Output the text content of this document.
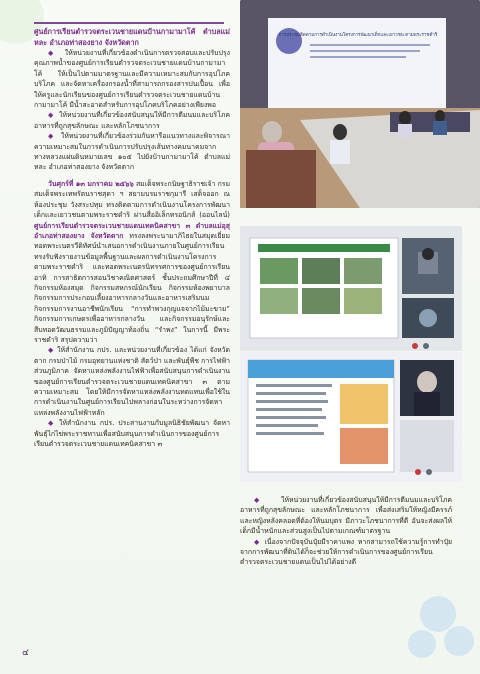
ศูนย์การเรียนตำรวจตระเวนชายแดนบ้านกามามาโค้ ตำบลแม่หละ อำเภอท่าสองยาง จังหวัดตาก

◆ ให้หน่วยงานที่เกี่ยวข้องดำเนินการตรวจสอบและปรับปรุงคุณภาพน้ำของศูนย์การเรียนตำรวจตระเวนชายแดนบ้านกามามาโค้ ให้เป็นไปตามมาตรฐานและมีความเหมาะสมกับการอุปโภคบริโภค และจัดหาเครื่องกรองน้ำที่สามารถกรองสารปนเปื้อน เพื่อให้ครูและนักเรียนของศูนย์การเรียนตำรวจตระเวนชายแดนบ้านกามามาโค้ มีน้ำสะอาดสำหรับการอุปโภคบริโภคอย่างเพียงพอ

◆ ให้หน่วยงานที่เกี่ยวข้องสนับสนุนให้มีการตีมนมและบริโภคอาหารที่ถูกสุขลักษณะ และหลักโภชนาการ

◆ ให้หน่วยงานที่เกี่ยวข้องร่วมกันหารือแนวทางและพิจารณาความเหมาะสมในการดำเนินการปรับปรุงเส้นทางคมนาคมจากทางหลวงแผ่นดินหมายเลข ๑๐๕ ไปยังบ้านกามามาโค้ ตำบลแม่หละ อำเภอท่าสองยาง จังหวัดตาก

วันศุกร์ที่ ๑๓ มกราคม ๒๕๖๖ สมเด็จพระกนิษฐาธิราชเจ้า กรมสมเด็จพระเทพรัตนราชสุดา ฯ สยามบรมราชกุมารี เสด็จออก ณ ห้องประชุม วังสระปทุม ทรงติดตามการดำเนินงานโครงการพัฒนาเด็กและเยาวชนตามพระราชดำริ ผ่านสื่ออิเล็กทรอนิกส์ (ออนไลน์) ศูนย์การเรียนตำรวจตระเวนชายแดนเทคนิคสาขา ๓ ตำบลแม่อุสุ อำเภอท่าสองยาง จังหวัดตาก ทรงลงพระนามาภิไธยในสมุดเยี่ยม ทอดพระเนตรวีดิทัศน์นำเสนอการดำเนินงานภายในศูนย์การเรียนทรงรับฟังรายงานข้อมูลพื้นฐานและผลการดำเนินงานโครงการตามพระราชดำริ และทอดพระเนตรนิทรรศการของศูนย์การเรียน อาทิ การสาธิตการสอนวิชาคณิตศาสตร์ ชั้นประถมศึกษาปีที่ ๔ กิจกรรมห้องสมุด กิจกรรมสหกรณ์นักเรียน กิจกรรมห้องพยาบาล กิจกรรมการประกอบเลี้ยงอาหารกลางวันและอาหารเสริมนม กิจกรรมการงานอาชีพนักเรียน “การทำพวงกุญแจจากไม้มะขาม” กิจกรรมการเกษตรเพื่ออาหารกลางวัน และกิจกรรมอนุรักษ์และสืบทอดวัฒนธรรมและภูมิปัญญาท้องถิ่น “รำพง” ในการนี้ มีพระราชดำริ สรุปความว่า

◆ ให้สำนักงาน กปร. และหน่วยงานที่เกี่ยวข้อง ได้แก่ จังหวัดตาก กรมป่าไม้ กรมอุทยานแห่งชาติ สัตว์ป่า และพันธุ์พืช การไฟฟ้าส่วนภูมิภาค จัดหาแหล่งพลังงานไฟฟ้าเพื่อสนับสนุนการดำเนินงานของศูนย์การเรียนตำรวจตระเวนชายแดนเทคนิคสาขา ๓ ตามความเหมาะสม โดยให้มีการจัดหาแหล่งพลังงานทดแทนเพื่อใช้ในการดำเนินงานในศูนย์การเรียนไปพลางก่อนในระหว่างการจัดหาแหล่งพลังงานไฟฟ้าหลัก

◆ ให้สำนักงาน กปร. ประสานงานกับมูลนิธิชัยพัฒนา จัดหาพันธุ์ไก่ไข่พระราชทานเพื่อสนับสนุนการดำเนินการของศูนย์การเรียนตำรวจตระเวนชายแดนเทคนิคสาขา ๓

การประชุมติดตามการดำเนินงานโครงการพัฒนาเด็กและเยาวชน ตามพระราชดำริ

◆ ให้หน่วยงานที่เกี่ยวข้องสนับสนุนให้มีการตีมนมและบริโภคอาหารที่ถูกสุขลักษณะ และหลักโภชนาการ เพื่อส่งเสริมให้หญิงมีครรภ์และหญิงหลังคลอดที่ต้องให้นมบุตร มีภาวะโภชนาการที่ดี อันจะส่งผลให้เด็กมีน้ำหนักและส่วนสูงเป็นไปตามเกณฑ์มาตรฐาน

◆ เนื่องจากปัจจุบันปุ๋ยมีราคาแพง หากสามารถใช้ความรู้การทำปุ๋ยจากการพัฒนาที่ดินได้ก็จะช่วยให้การดำเนินการของศูนย์การเรียนตำรวจตระเวนชายแดนเป็นไปได้อย่างดี

๔
